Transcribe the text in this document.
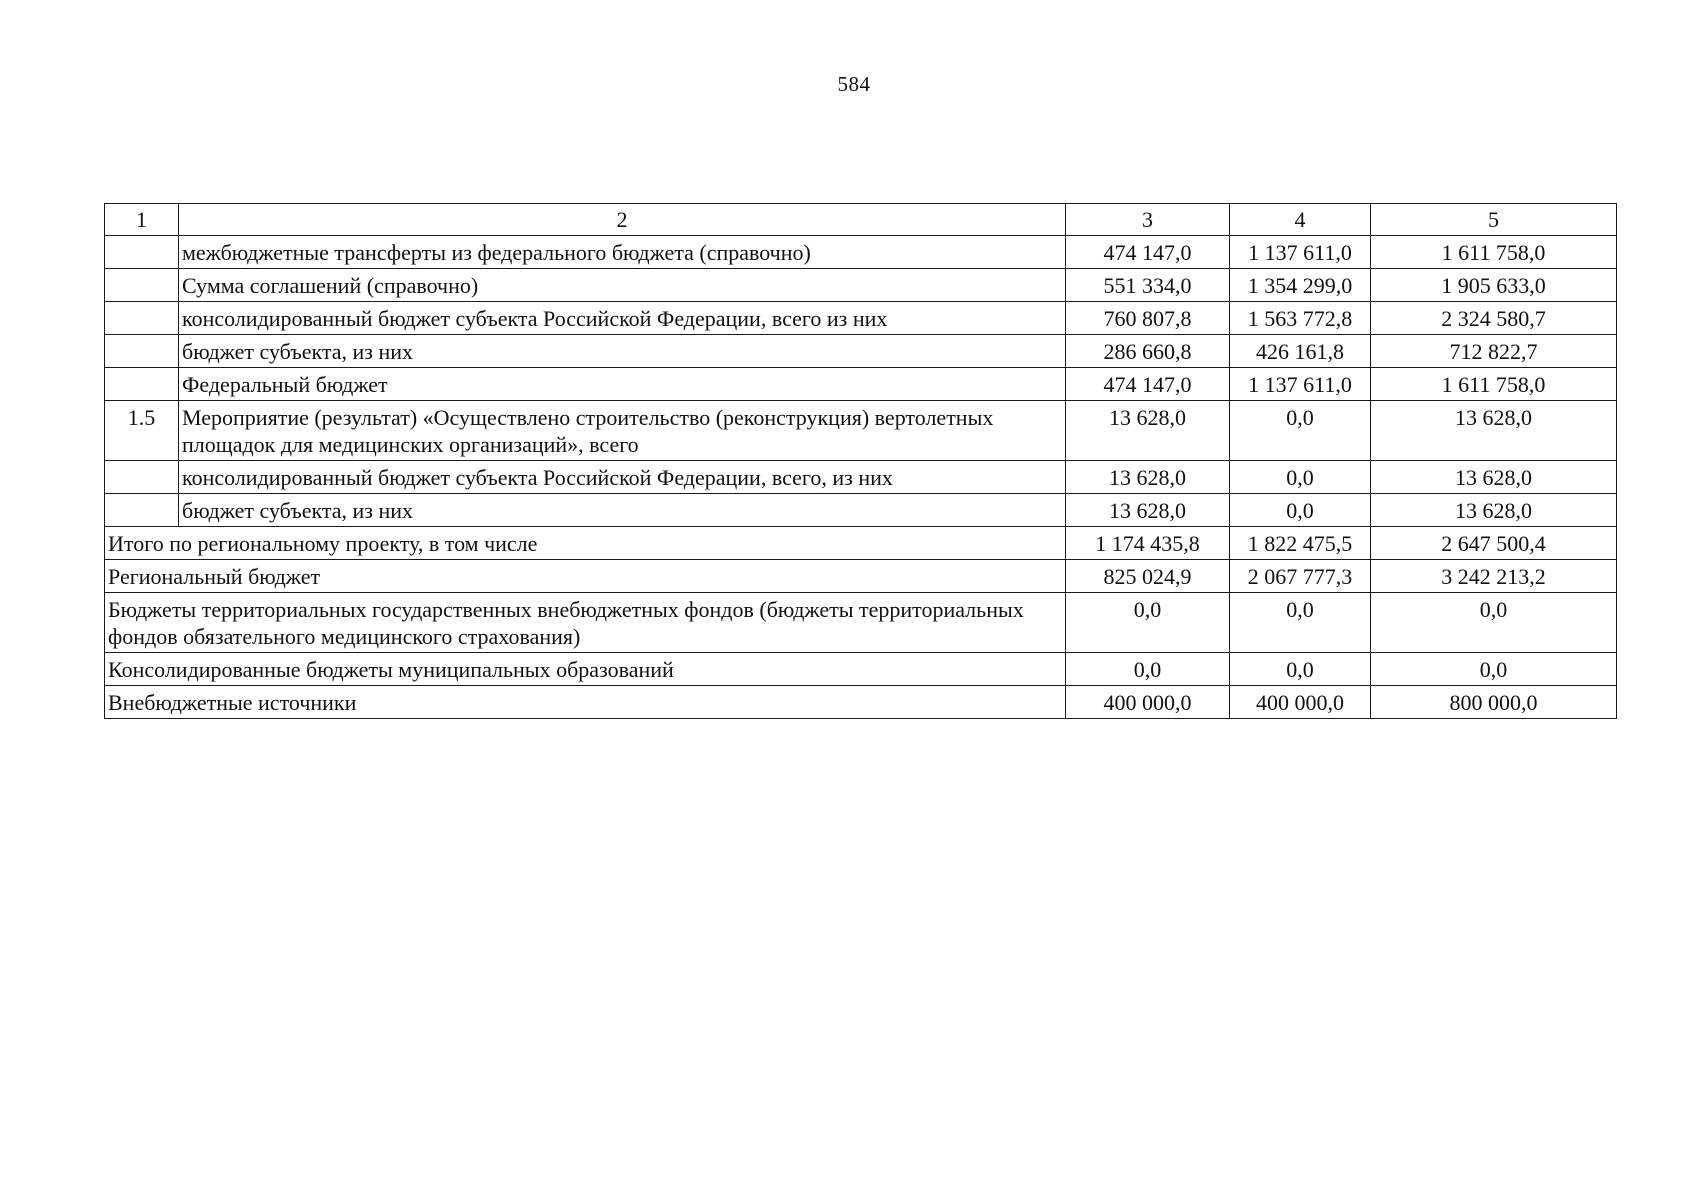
584
1	2	3	4	5
	межбюджетные трансферты из федерального бюджета (справочно)	474 147,0	1 137 611,0	1 611 758,0
	Сумма соглашений (справочно)	551 334,0	1 354 299,0	1 905 633,0
	консолидированный бюджет субъекта Российской Федерации, всего из них	760 807,8	1 563 772,8	2 324 580,7
	бюджет субъекта, из них	286 660,8	426 161,8	712 822,7
	Федеральный бюджет	474 147,0	1 137 611,0	1 611 758,0
1.5	Мероприятие (результат) «Осуществлено строительство (реконструкция) вертолетных площадок для медицинских организаций», всего	13 628,0	0,0	13 628,0
	консолидированный бюджет субъекта Российской Федерации, всего, из них	13 628,0	0,0	13 628,0
	бюджет субъекта, из них	13 628,0	0,0	13 628,0
Итого по региональному проекту, в том числе		1 174 435,8	1 822 475,5	2 647 500,4
Региональный бюджет		825 024,9	2 067 777,3	3 242 213,2
Бюджеты территориальных государственных внебюджетных фондов (бюджеты территориальных фондов обязательного медицинского страхования)		0,0	0,0	0,0
Консолидированные бюджеты муниципальных образований		0,0	0,0	0,0
Внебюджетные источники		400 000,0	400 000,0	800 000,0
